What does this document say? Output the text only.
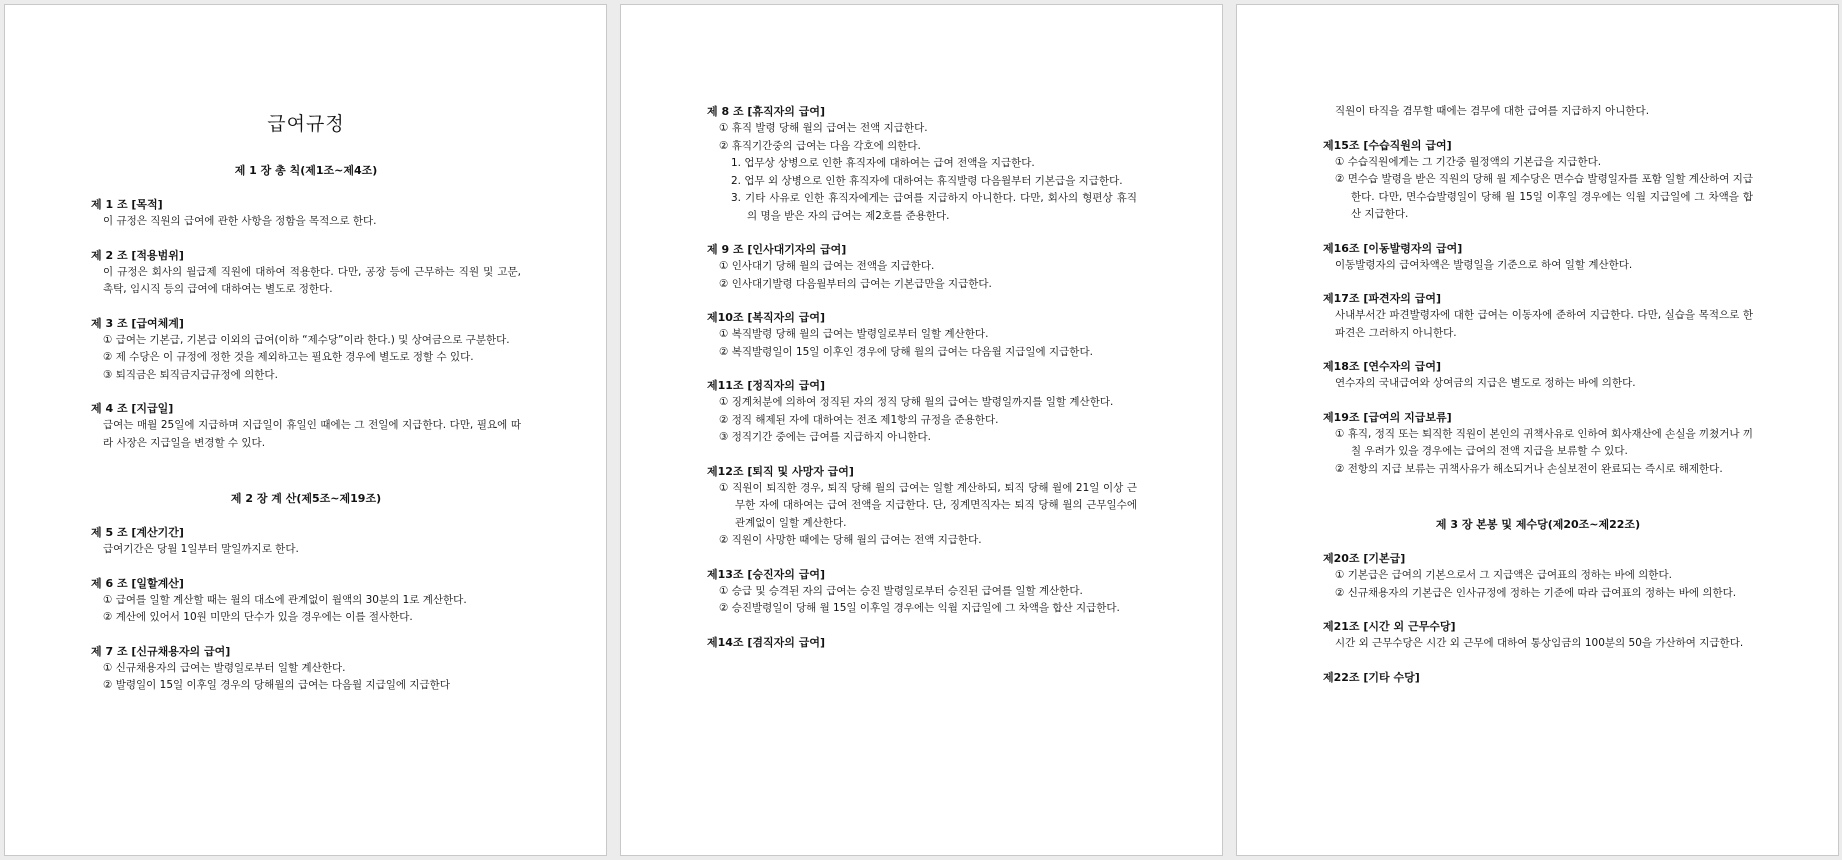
급여규정
제 1 장 총 칙(제1조~제4조)

제 1 조 [목적]

이 규정은 직원의 급여에 관한 사항을 정함을 목적으로 한다.

제 2 조 [적용범위]

이 규정은 회사의 월급제 직원에 대하여 적용한다. 다만, 공장 등에 근무하는 직원 및 고문, 촉탁, 임시직 등의 급여에 대하여는 별도로 정한다.

제 3 조 [급여체계]

① 급여는 기본급, 기본급 이외의 급여(이하 “제수당”이라 한다.) 및 상여금으로 구분한다.

② 제 수당은 이 규정에 정한 것을 제외하고는 필요한 경우에 별도로 정할 수 있다.

③ 퇴직금은 퇴직금지급규정에 의한다.

제 4 조 [지급일]

급여는 매월 25일에 지급하며 지급일이 휴일인 때에는 그 전일에 지급한다. 다만, 필요에 따라 사장은 지급일을 변경할 수 있다.

제 2 장 계 산(제5조~제19조)

제 5 조 [계산기간]

급여기간은 당월 1일부터 말일까지로 한다.

제 6 조 [일할계산]

① 급여를 일할 계산할 때는 월의 대소에 관계없이 월액의 30분의 1로 계산한다.

② 계산에 있어서 10원 미만의 단수가 있을 경우에는 이를 절사한다.

제 7 조 [신규채용자의 급여]

① 신규채용자의 급여는 발령일로부터 일할 계산한다.

② 발령일이 15일 이후일 경우의 당해월의 급여는 다음월 지급일에 지급한다

제 8 조 [휴직자의 급여]

① 휴직 발령 당해 월의 급여는 전액 지급한다.

② 휴직기간중의 급여는 다음 각호에 의한다.

1. 업무상 상병으로 인한 휴직자에 대하여는 급여 전액을 지급한다.

2. 업무 외 상병으로 인한 휴직자에 대하여는 휴직발령 다음월부터 기본급을 지급한다.

3. 기타 사유로 인한 휴직자에게는 급여를 지급하지 아니한다. 다만, 회사의 형편상 휴직의 명을 받은 자의 급여는 제2호를 준용한다.

제 9 조 [인사대기자의 급여]

① 인사대기 당해 월의 급여는 전액을 지급한다.

② 인사대기발령 다음월부터의 급여는 기본급만을 지급한다.

제10조 [복직자의 급여]

① 복직발령 당해 월의 급여는 발령일로부터 일할 계산한다.

② 복직발령일이 15일 이후인 경우에 당해 월의 급여는 다음월 지급일에 지급한다.

제11조 [정직자의 급여]

① 징계처분에 의하여 정직된 자의 정직 당해 월의 급여는 발령일까지를 일할 계산한다.

② 정직 해제된 자에 대하여는 전조 제1항의 규정을 준용한다.

③ 정직기간 중에는 급여를 지급하지 아니한다.

제12조 [퇴직 및 사망자 급여]

① 직원이 퇴직한 경우, 퇴직 당해 월의 급여는 일할 계산하되, 퇴직 당해 월에 21일 이상 근무한 자에 대하여는 급여 전액을 지급한다. 단, 징계면직자는 퇴직 당해 월의 근무일수에 관계없이 일할 계산한다.

② 직원이 사망한 때에는 당해 월의 급여는 전액 지급한다.

제13조 [승진자의 급여]

① 승급 및 승격된 자의 급여는 승진 발령일로부터 승진된 급여를 일할 계산한다.

② 승진발령일이 당해 월 15일 이후일 경우에는 익월 지급일에 그 차액을 합산 지급한다.

제14조 [겸직자의 급여]

직원이 타직을 겸무할 때에는 겸무에 대한 급여를 지급하지 아니한다.

제15조 [수습직원의 급여]

① 수습직원에게는 그 기간중 월정액의 기본급을 지급한다.

② 면수습 발령을 받은 직원의 당해 월 제수당은 면수습 발령일자를 포함 일할 계산하여 지급한다. 다만, 면수습발령일이 당해 월 15일 이후일 경우에는 익월 지급일에 그 차액을 합산 지급한다.

제16조 [이동발령자의 급여]

이동발령자의 급여차액은 발령일을 기준으로 하여 일할 계산한다.

제17조 [파견자의 급여]

사내부서간 파견발령자에 대한 급여는 이동자에 준하여 지급한다. 다만, 실습을 목적으로 한 파견은 그러하지 아니한다.

제18조 [연수자의 급여]

연수자의 국내급여와 상여금의 지급은 별도로 정하는 바에 의한다.

제19조 [급여의 지급보류]

① 휴직, 정직 또는 퇴직한 직원이 본인의 귀책사유로 인하여 회사재산에 손실을 끼쳤거나 끼칠 우려가 있을 경우에는 급여의 전액 지급을 보류할 수 있다.

② 전항의 지급 보류는 귀책사유가 해소되거나 손실보전이 완료되는 즉시로 해제한다.

제 3 장 본봉 및 제수당(제20조~제22조)

제20조 [기본급]

① 기본급은 급여의 기본으로서 그 지급액은 급여표의 정하는 바에 의한다.

② 신규채용자의 기본급은 인사규정에 정하는 기준에 따라 급여표의 정하는 바에 의한다.

제21조 [시간 외 근무수당]

시간 외 근무수당은 시간 외 근무에 대하여 통상임금의 100분의 50을 가산하여 지급한다.

제22조 [기타 수당]
